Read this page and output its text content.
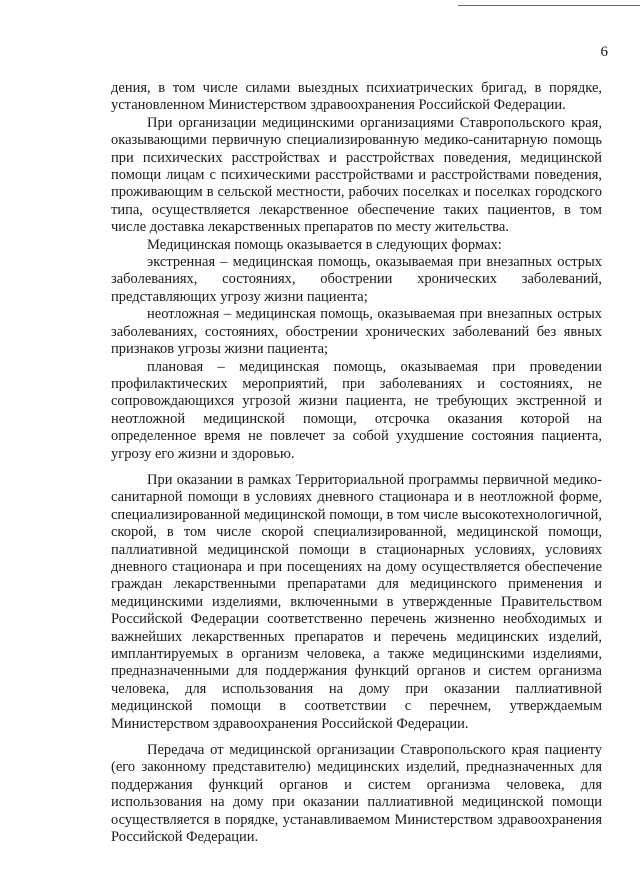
6

дения, в том числе силами выездных психиатрических бригад, в порядке, установленном Министерством здравоохранения Российской Федерации.

При организации медицинскими организациями Ставропольского края, оказывающими первичную специализированную медико-санитарную помощь при психических расстройствах и расстройствах поведения, медицинской помощи лицам с психическими расстройствами и расстройствами поведения, проживающим в сельской местности, рабочих поселках и поселках городского типа, осуществляется лекарственное обеспечение таких пациентов, в том числе доставка лекарственных препаратов по месту жительства.

Медицинская помощь оказывается в следующих формах:

экстренная – медицинская помощь, оказываемая при внезапных острых заболеваниях, состояниях, обострении хронических заболеваний, представляющих угрозу жизни пациента;

неотложная – медицинская помощь, оказываемая при внезапных острых заболеваниях, состояниях, обострении хронических заболеваний без явных признаков угрозы жизни пациента;

плановая – медицинская помощь, оказываемая при проведении профилактических мероприятий, при заболеваниях и состояниях, не сопровождающихся угрозой жизни пациента, не требующих экстренной и неотложной медицинской помощи, отсрочка оказания которой на определенное время не повлечет за собой ухудшение состояния пациента, угрозу его жизни и здоровью.

При оказании в рамках Территориальной программы первичной медико-санитарной помощи в условиях дневного стационара и в неотложной форме, специализированной медицинской помощи, в том числе высокотехнологичной, скорой, в том числе скорой специализированной, медицинской помощи, паллиативной медицинской помощи в стационарных условиях, условиях дневного стационара и при посещениях на дому осуществляется обеспечение граждан лекарственными препаратами для медицинского применения и медицинскими изделиями, включенными в утвержденные Правительством Российской Федерации соответственно перечень жизненно необходимых и важнейших лекарственных препаратов и перечень медицинских изделий, имплантируемых в организм человека, а также медицинскими изделиями, предназначенными для поддержания функций органов и систем организма человека, для использования на дому при оказании паллиативной медицинской помощи в соответствии с перечнем, утверждаемым Министерством здравоохранения Российской Федерации.

Передача от медицинской организации Ставропольского края пациенту (его законному представителю) медицинских изделий, предназначенных для поддержания функций органов и систем организма человека, для использования на дому при оказании паллиативной медицинской помощи осуществляется в порядке, устанавливаемом Министерством здравоохранения Российской Федерации.
